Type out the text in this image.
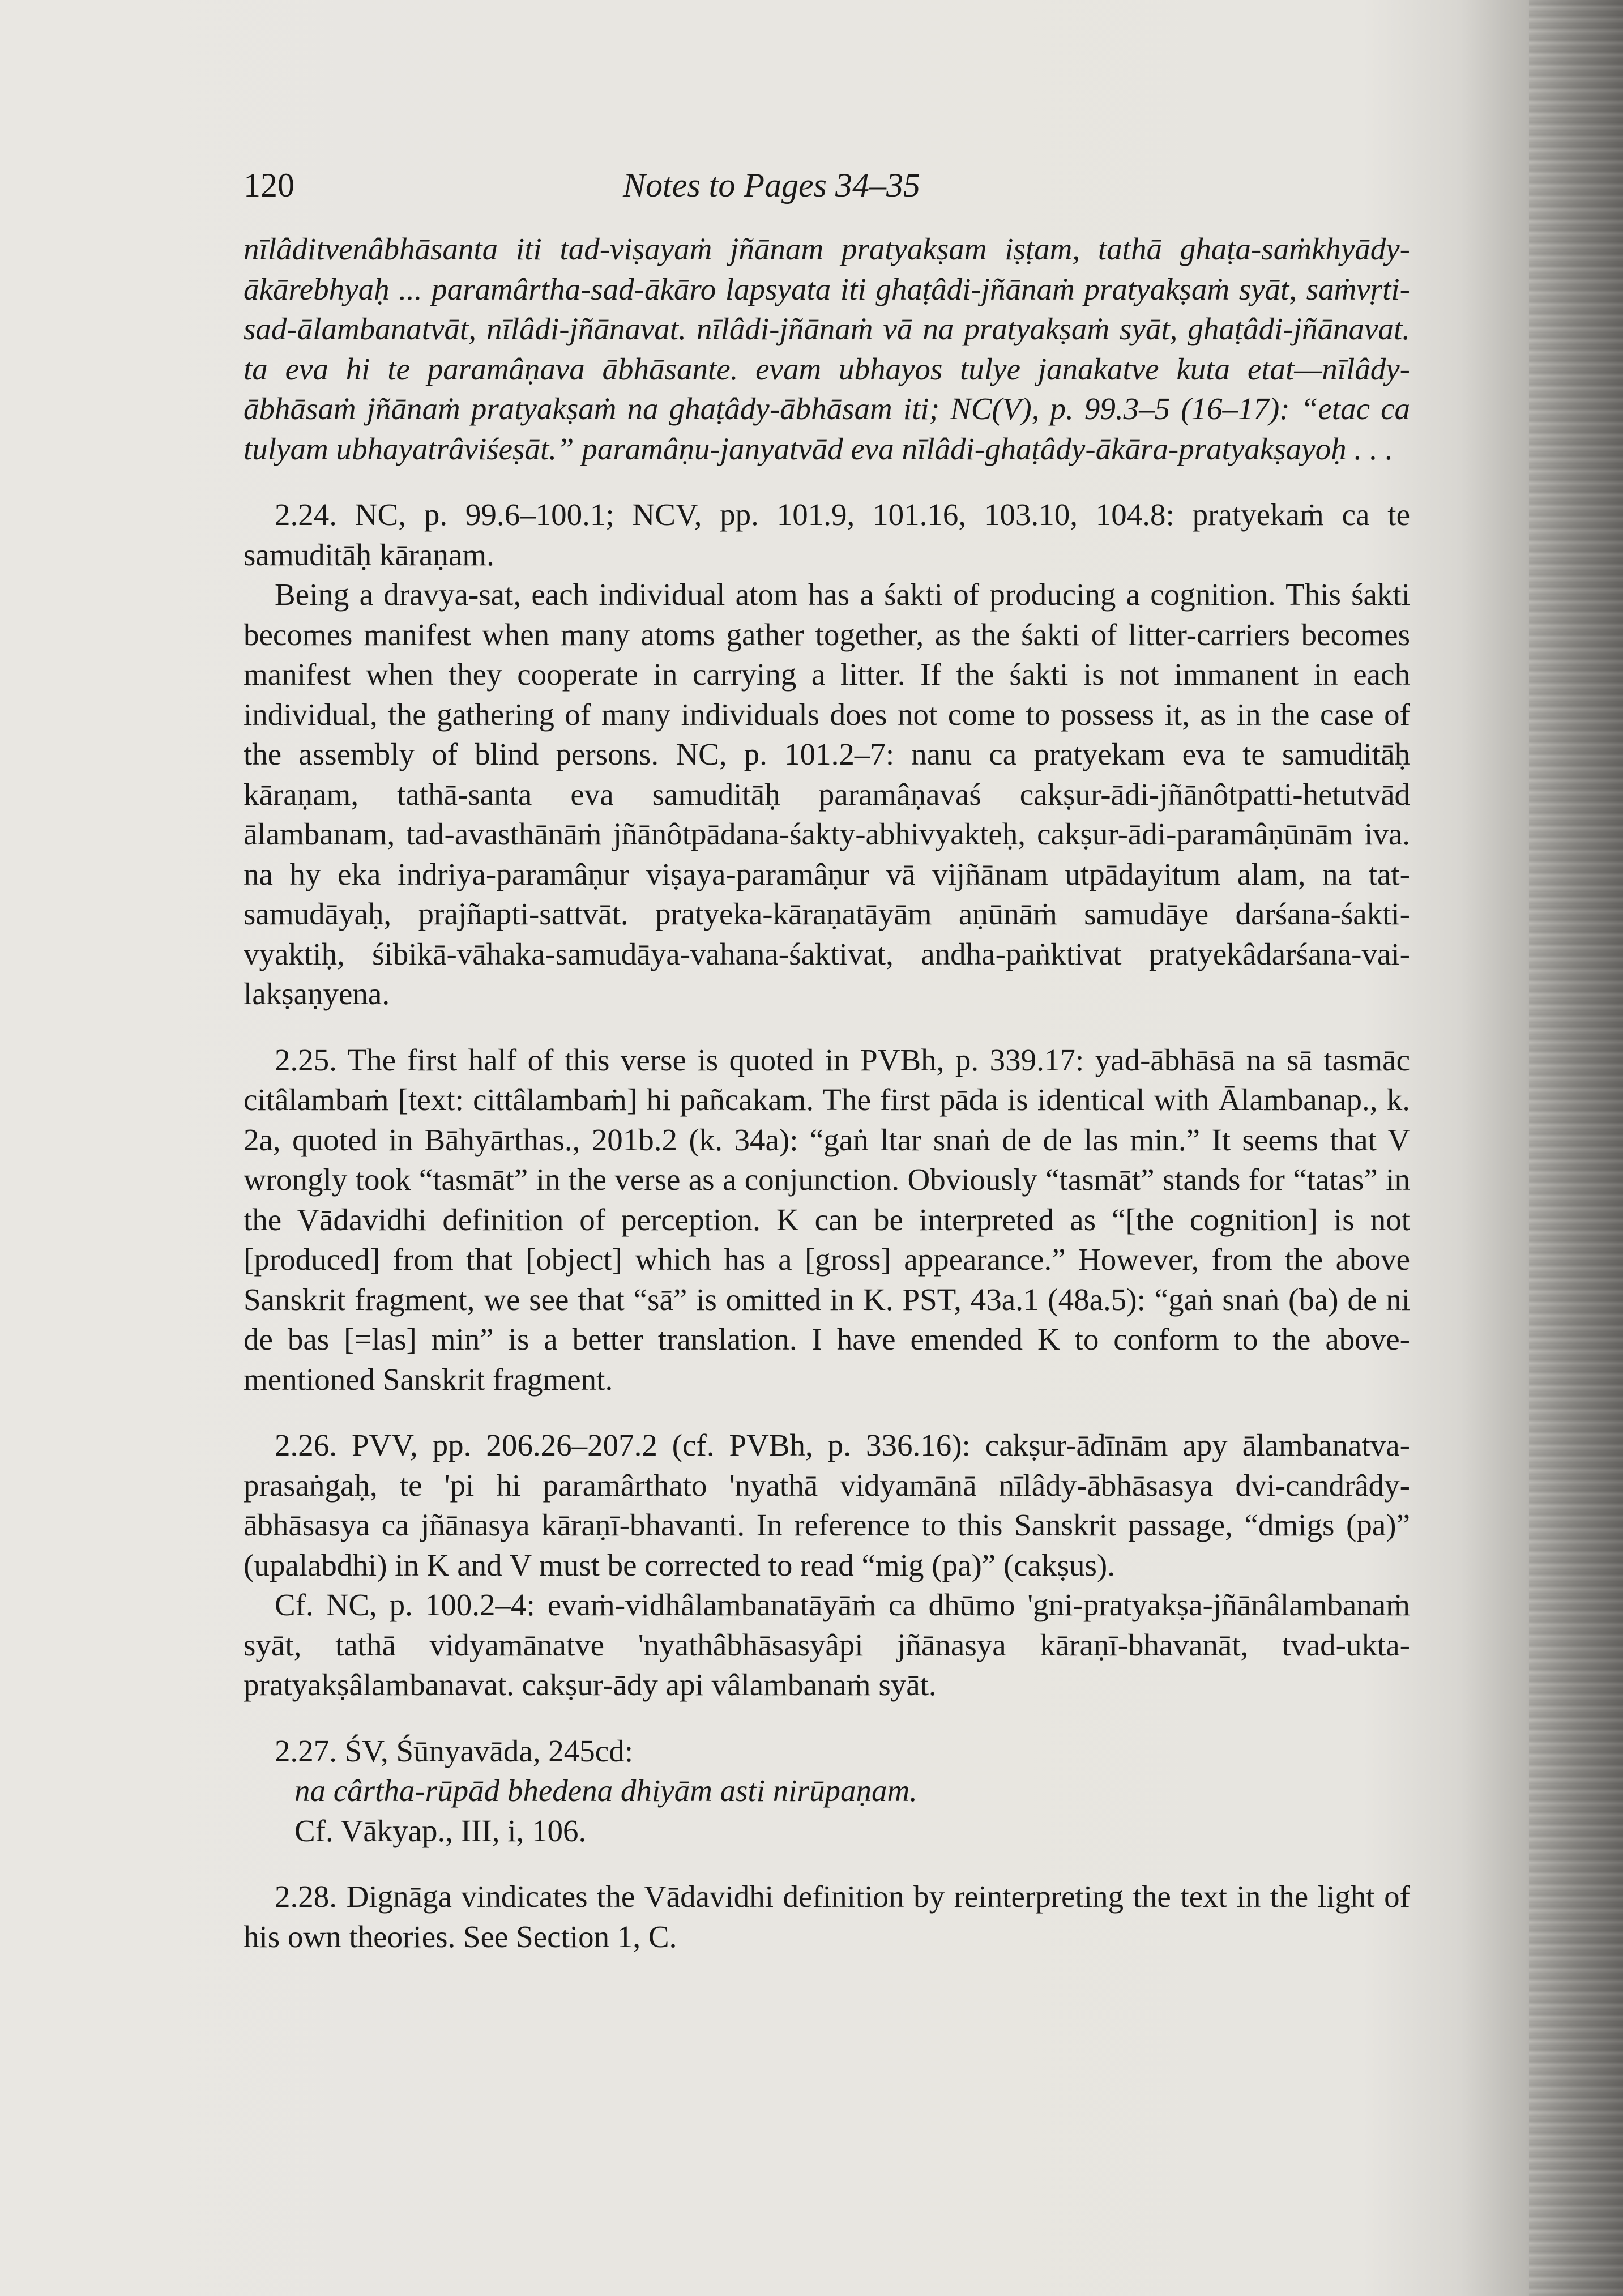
120	Notes to Pages 34–35

nīlâditvenâbhāsanta iti tad-viṣayaṁ jñānam pratyakṣam iṣṭam, tathā ghaṭa-saṁkhyādy-ākārebhyaḥ ... paramârtha-sad-ākāro lapsyata iti ghaṭâdi-jñānaṁ pratyakṣaṁ syāt, saṁvṛti-sad-ālambanatvāt, nīlâdi-jñānavat. nīlâdi-jñānaṁ vā na pratyakṣaṁ syāt, ghaṭâdi-jñānavat. ta eva hi te paramâṇava ābhāsante. evam ubhayos tulye janakatve kuta etat—nīlâdy-ābhāsaṁ jñānaṁ pratyakṣaṁ na ghaṭâdy-ābhāsam iti; NC(V), p. 99.3–5 (16–17): “etac ca tulyam ubhayatrâviśeṣāt.” paramâṇu-janyatvād eva nīlâdi-ghaṭâdy-ākāra-pratyakṣayoḥ . . .

2.24. NC, p. 99.6–100.1; NCV, pp. 101.9, 101.16, 103.10, 104.8: pratyekaṁ ca te samuditāḥ kāraṇam.

Being a dravya-sat, each individual atom has a śakti of producing a cognition. This śakti becomes manifest when many atoms gather together, as the śakti of litter-carriers becomes manifest when they cooperate in carrying a litter. If the śakti is not immanent in each individual, the gathering of many individuals does not come to possess it, as in the case of the assembly of blind persons. NC, p. 101.2–7: nanu ca pratyekam eva te samuditāḥ kāraṇam, tathā-santa eva samuditāḥ paramâṇavaś cakṣur-ādi-jñānôtpatti-hetutvād ālambanam, tad-avasthānāṁ jñānôtpādana-śakty-abhivyakteḥ, cakṣur-ādi-paramâṇūnām iva. na hy eka indriya-paramâṇur viṣaya-paramâṇur vā vijñānam utpādayitum alam, na tat-samudāyaḥ, prajñapti-sattvāt. pratyeka-kāraṇatāyām aṇūnāṁ samudāye darśana-śakti-vyaktiḥ, śibikā-vāhaka-samudāya-vahana-śaktivat, andha-paṅktivat pratyekâdarśana-vai-lakṣaṇyena.

2.25. The first half of this verse is quoted in PVBh, p. 339.17: yad-ābhāsā na sā tasmāc citâlambaṁ [text: cittâlambaṁ] hi pañcakam. The first pāda is identical with Ālambanap., k. 2a, quoted in Bāhyārthas., 201b.2 (k. 34a): “gaṅ ltar snaṅ de de las min.” It seems that V wrongly took “tasmāt” in the verse as a conjunction. Obviously “tasmāt” stands for “tatas” in the Vādavidhi definition of perception. K can be interpreted as “[the cognition] is not [produced] from that [object] which has a [gross] appearance.” However, from the above Sanskrit fragment, we see that “sā” is omitted in K. PST, 43a.1 (48a.5): “gaṅ snaṅ (ba) de ni de bas [=las] min” is a better translation. I have emended K to conform to the above-mentioned Sanskrit fragment.

2.26. PVV, pp. 206.26–207.2 (cf. PVBh, p. 336.16): cakṣur-ādīnām apy ālambanatva-prasaṅgaḥ, te 'pi hi paramârthato 'nyathā vidyamānā nīlâdy-ābhāsasya dvi-candrâdy-ābhāsasya ca jñānasya kāraṇī-bhavanti. In reference to this Sanskrit passage, “dmigs (pa)” (upalabdhi) in K and V must be corrected to read “mig (pa)” (cakṣus).

Cf. NC, p. 100.2–4: evaṁ-vidhâlambanatāyāṁ ca dhūmo 'gni-pratyakṣa-jñānâlambanaṁ syāt, tathā vidyamānatve 'nyathâbhāsasyâpi jñānasya kāraṇī-bhavanāt, tvad-ukta-pratyakṣâlambanavat. cakṣur-ādy api vâlambanaṁ syāt.

2.27. ŚV, Śūnyavāda, 245cd:

na cârtha-rūpād bhedena dhiyām asti nirūpaṇam.

Cf. Vākyap., III, i, 106.

2.28. Dignāga vindicates the Vādavidhi definition by reinterpreting the text in the light of his own theories. See Section 1, C.
